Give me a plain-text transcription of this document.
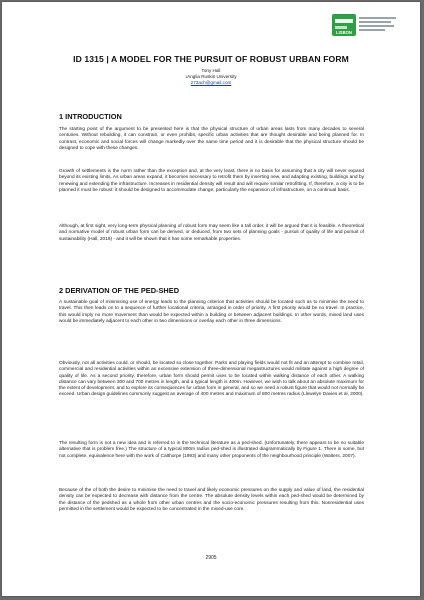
LISBON
ID 1315 | A MODEL FOR THE PURSUIT OF ROBUST URBAN FORM
Tony Hall
$^1$Anglia Ruskin University
273ach@gmail.com
1 INTRODUCTION

The starting point of the argument to be presented here is that the physical structure of urban areas lasts from many decades to several centuries. Without rebuilding, it can constrain, or even prohibit, specific urban activities that are thought desirable and being planned for. In contrast, economic and social forces will change markedly over the same time period and it is desirable that the physical structure should be designed to cope with these changes.

Growth of settlements is the norm rather than the exception and, at the very least, there is no basis for assuming that a city will never expand beyond its existing limits. As urban areas expand, it becomes necessary to retrofit them by inserting new, and adapting existing, buildings and by renewing and extending the infrastructure. Increases in residential density will result and will require similar retrofitting. If, therefore, a city is to be planned it must be robust: it should be designed to accommodate change, particularly the expansion of infrastructure, on a continual basis.

Although, at first sight, very long-term physical planning of robust form may seem like a tall order, it will be argued that it is feasible. A theoretical and normative model of robust urban form can be derived, or deduced, from two sets of planning goals - pursuit of quality of life and pursuit of sustainability (Hall, 2015) - and it will be shown that it has some remarkable properties.

2 DERIVATION OF THE PED-SHED

A sustainable goal of minimising use of energy leads to the planning criterion that activities should be located such as to minimise the need to travel. This then leads on to a sequence of further locational criteria, arranged in order of priority. A first priority would be no travel. In practice, this would imply no more movement than would be expected within a building or between adjacent buildings. In other words, mixed land uses would be immediately adjacent to each other in two dimensions or overlay each other in three dimensions.

Obviously, not all activities could, or should, be located so close together. Parks and playing fields would not fit and an attempt to combine retail, commercial and residential activities within an excessive extension of three-dimensional megastructures would militate against a high degree of quality of life. As a second priority, therefore, urban form should permit uses to be located within walking distance of each other. A walking distance can vary between 300 and 700 metres in length, and a typical length is 400m. However, we wish to talk about an absolute maximum for the extent of development, and to explore its consequences for urban form in general, and so we need a robust figure that would not normally be exceed. Urban design guidelines commonly suggest an average of 400 metres and maximum of 800 metres radius (Llewelyn Davies et al, 2000).

The resulting form is not a new idea and is referred to in the technical literature as a ped-shed. (Unfortunately, there appears to be no suitable alternative that is problem free.) The structure of a typical 800m radius ped-shed is illustrated diagrammatically by Figure 1. There is some, but not complete, equivalence here with the work of Calthorpe (1993) and many other proponents of the neighbourhood principle (Walters, 2007).

Because of the of both the desire to minimise the need to travel and likely economic pressures on the supply and value of land, the residential density can be expected to decrease with distance from the centre. The absolute density levels within each ped-shed would be determined by the distance of the pedshed as a whole from other urban centres and the socio-economic pressures resulting from this. Nonresidential uses permitted in the settlement would be expected to be concentrated in the mixed-use core.

2905
